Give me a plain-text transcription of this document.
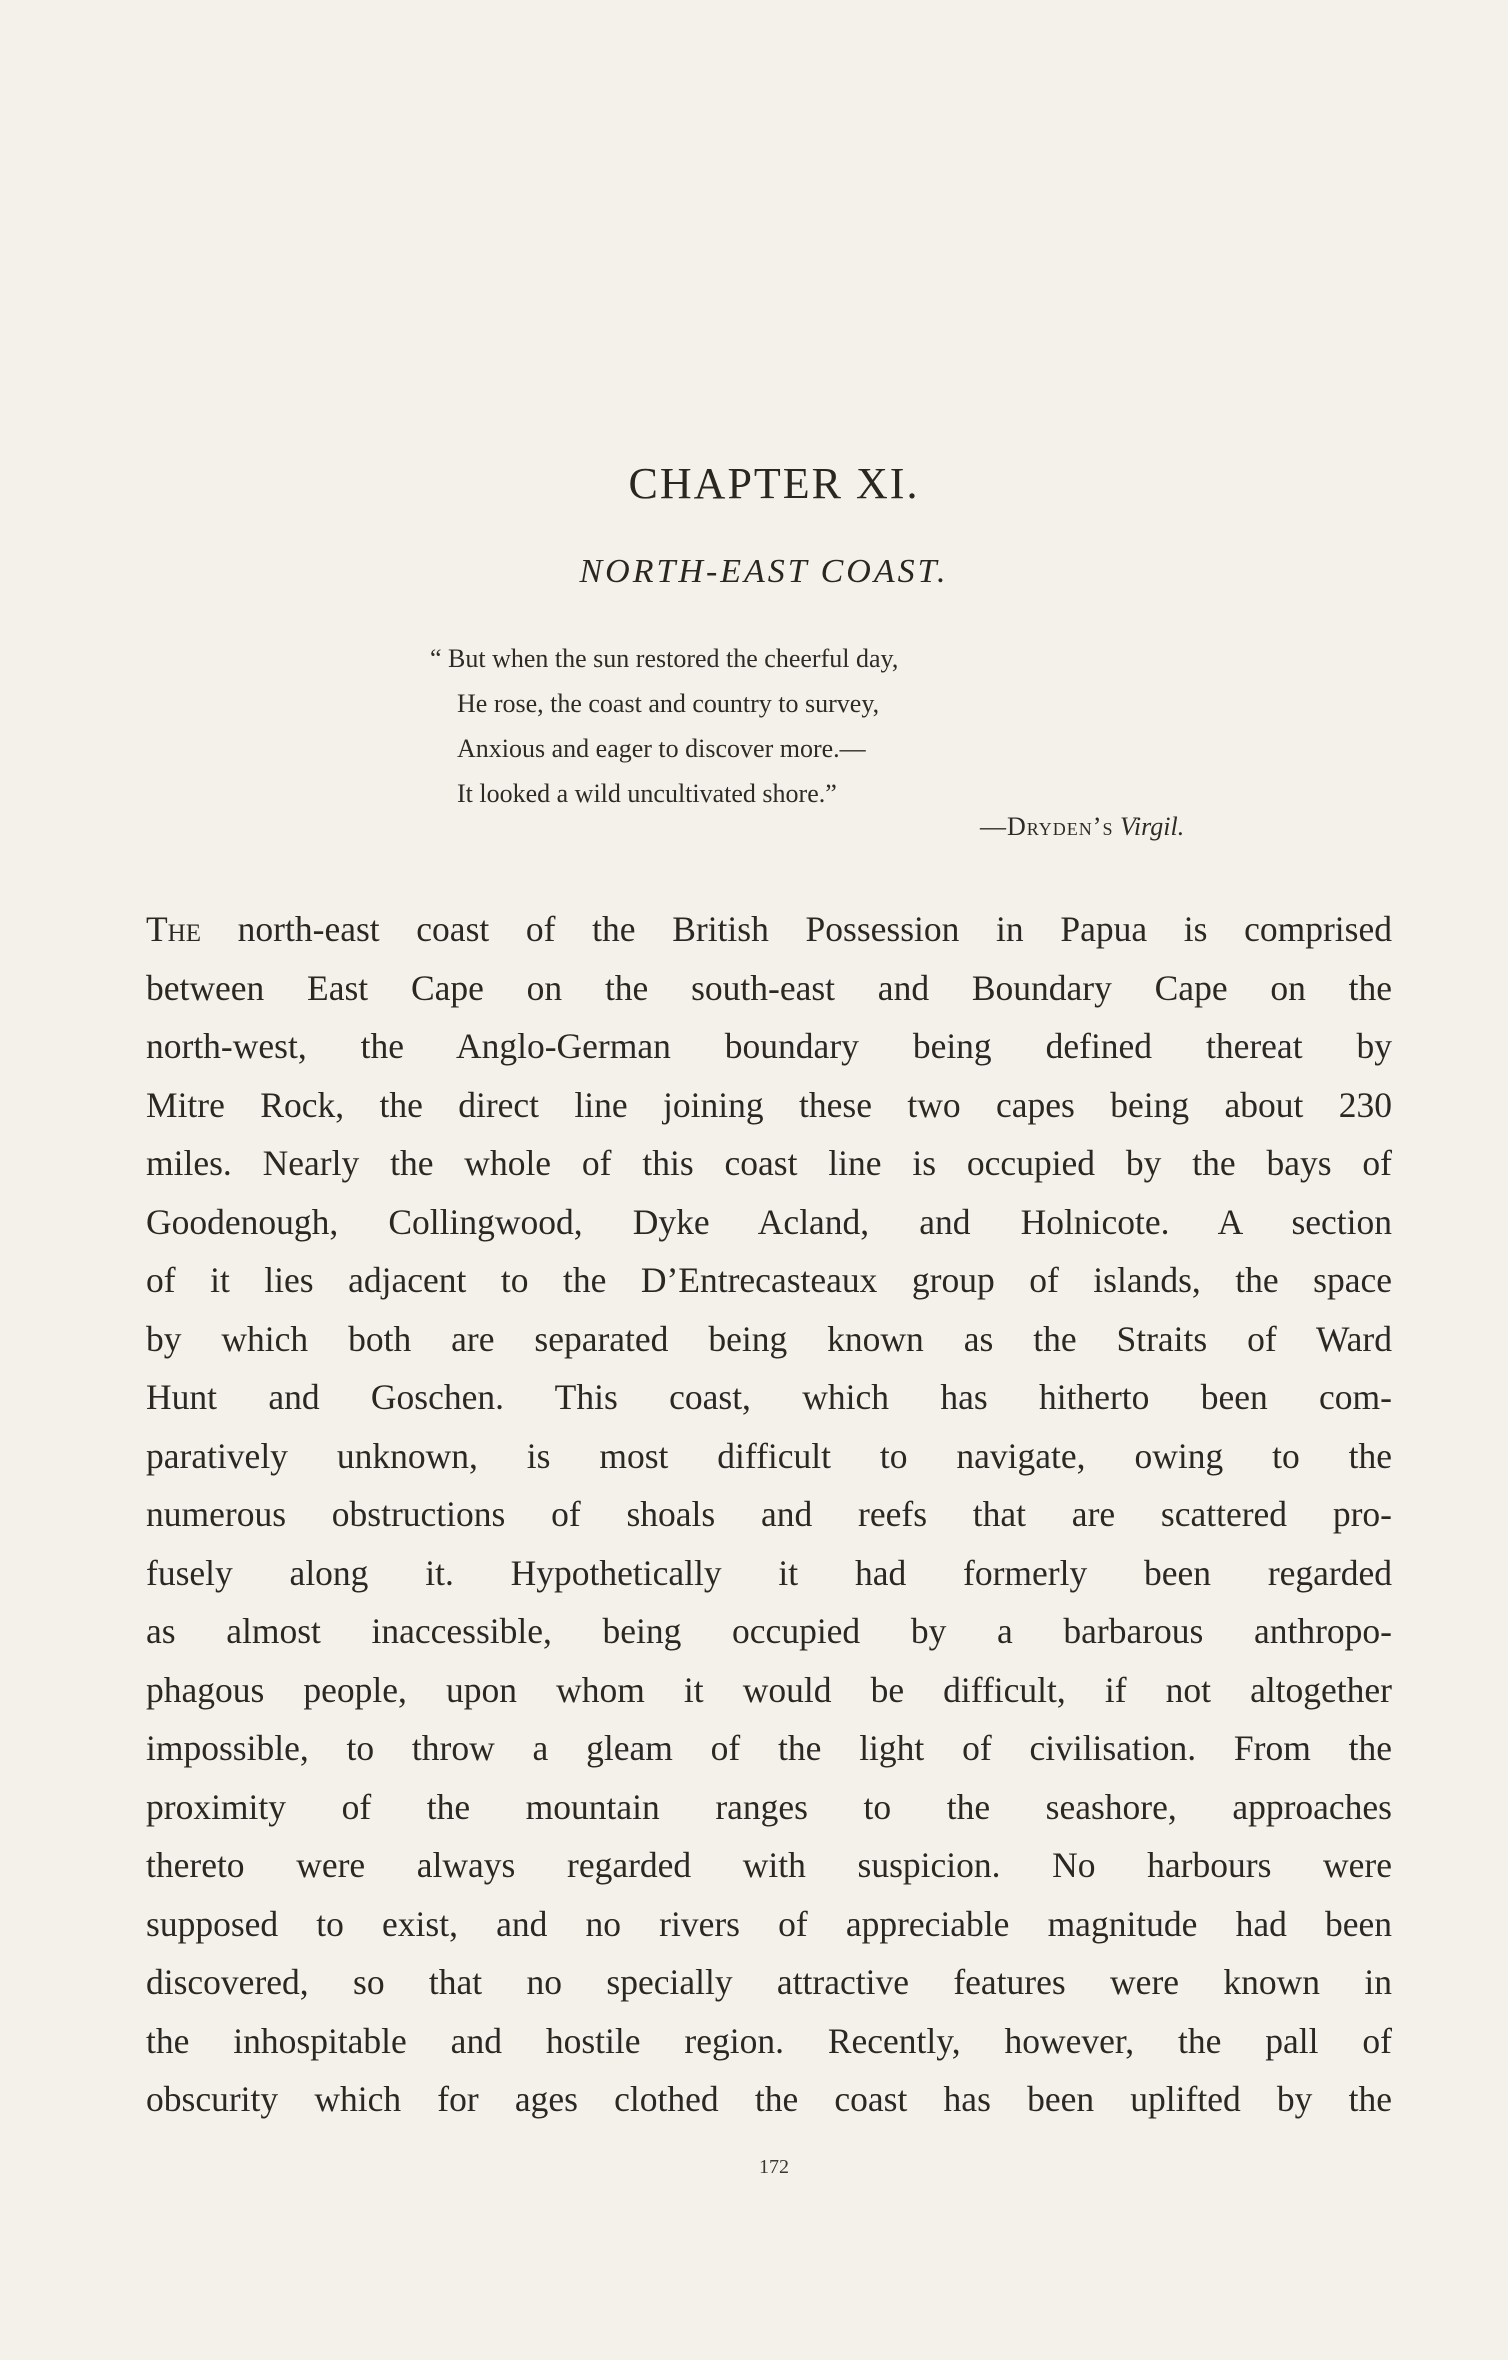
CHAPTER XI.
NORTH-EAST COAST.
“ But when the sun restored the cheerful day,
He rose, the coast and country to survey,
Anxious and eager to discover more.—
It looked a wild uncultivated shore.”
—Dryden’s Virgil.
The north-east coast of the British Possession in Papua is comprised
between East Cape on the south-east and Boundary Cape on the
north-west, the Anglo-German boundary being defined thereat by
Mitre Rock, the direct line joining these two capes being about 230
miles. Nearly the whole of this coast line is occupied by the bays of
Goodenough, Collingwood, Dyke Acland, and Holnicote. A section
of it lies adjacent to the D’Entrecasteaux group of islands, the space
by which both are separated being known as the Straits of Ward
Hunt and Goschen. This coast, which has hitherto been com-
paratively unknown, is most difficult to navigate, owing to the
numerous obstructions of shoals and reefs that are scattered pro-
fusely along it. Hypothetically it had formerly been regarded
as almost inaccessible, being occupied by a barbarous anthropo-
phagous people, upon whom it would be difficult, if not altogether
impossible, to throw a gleam of the light of civilisation. From the
proximity of the mountain ranges to the seashore, approaches
thereto were always regarded with suspicion. No harbours were
supposed to exist, and no rivers of appreciable magnitude had been
discovered, so that no specially attractive features were known in
the inhospitable and hostile region. Recently, however, the pall of
obscurity which for ages clothed the coast has been uplifted by the
172
